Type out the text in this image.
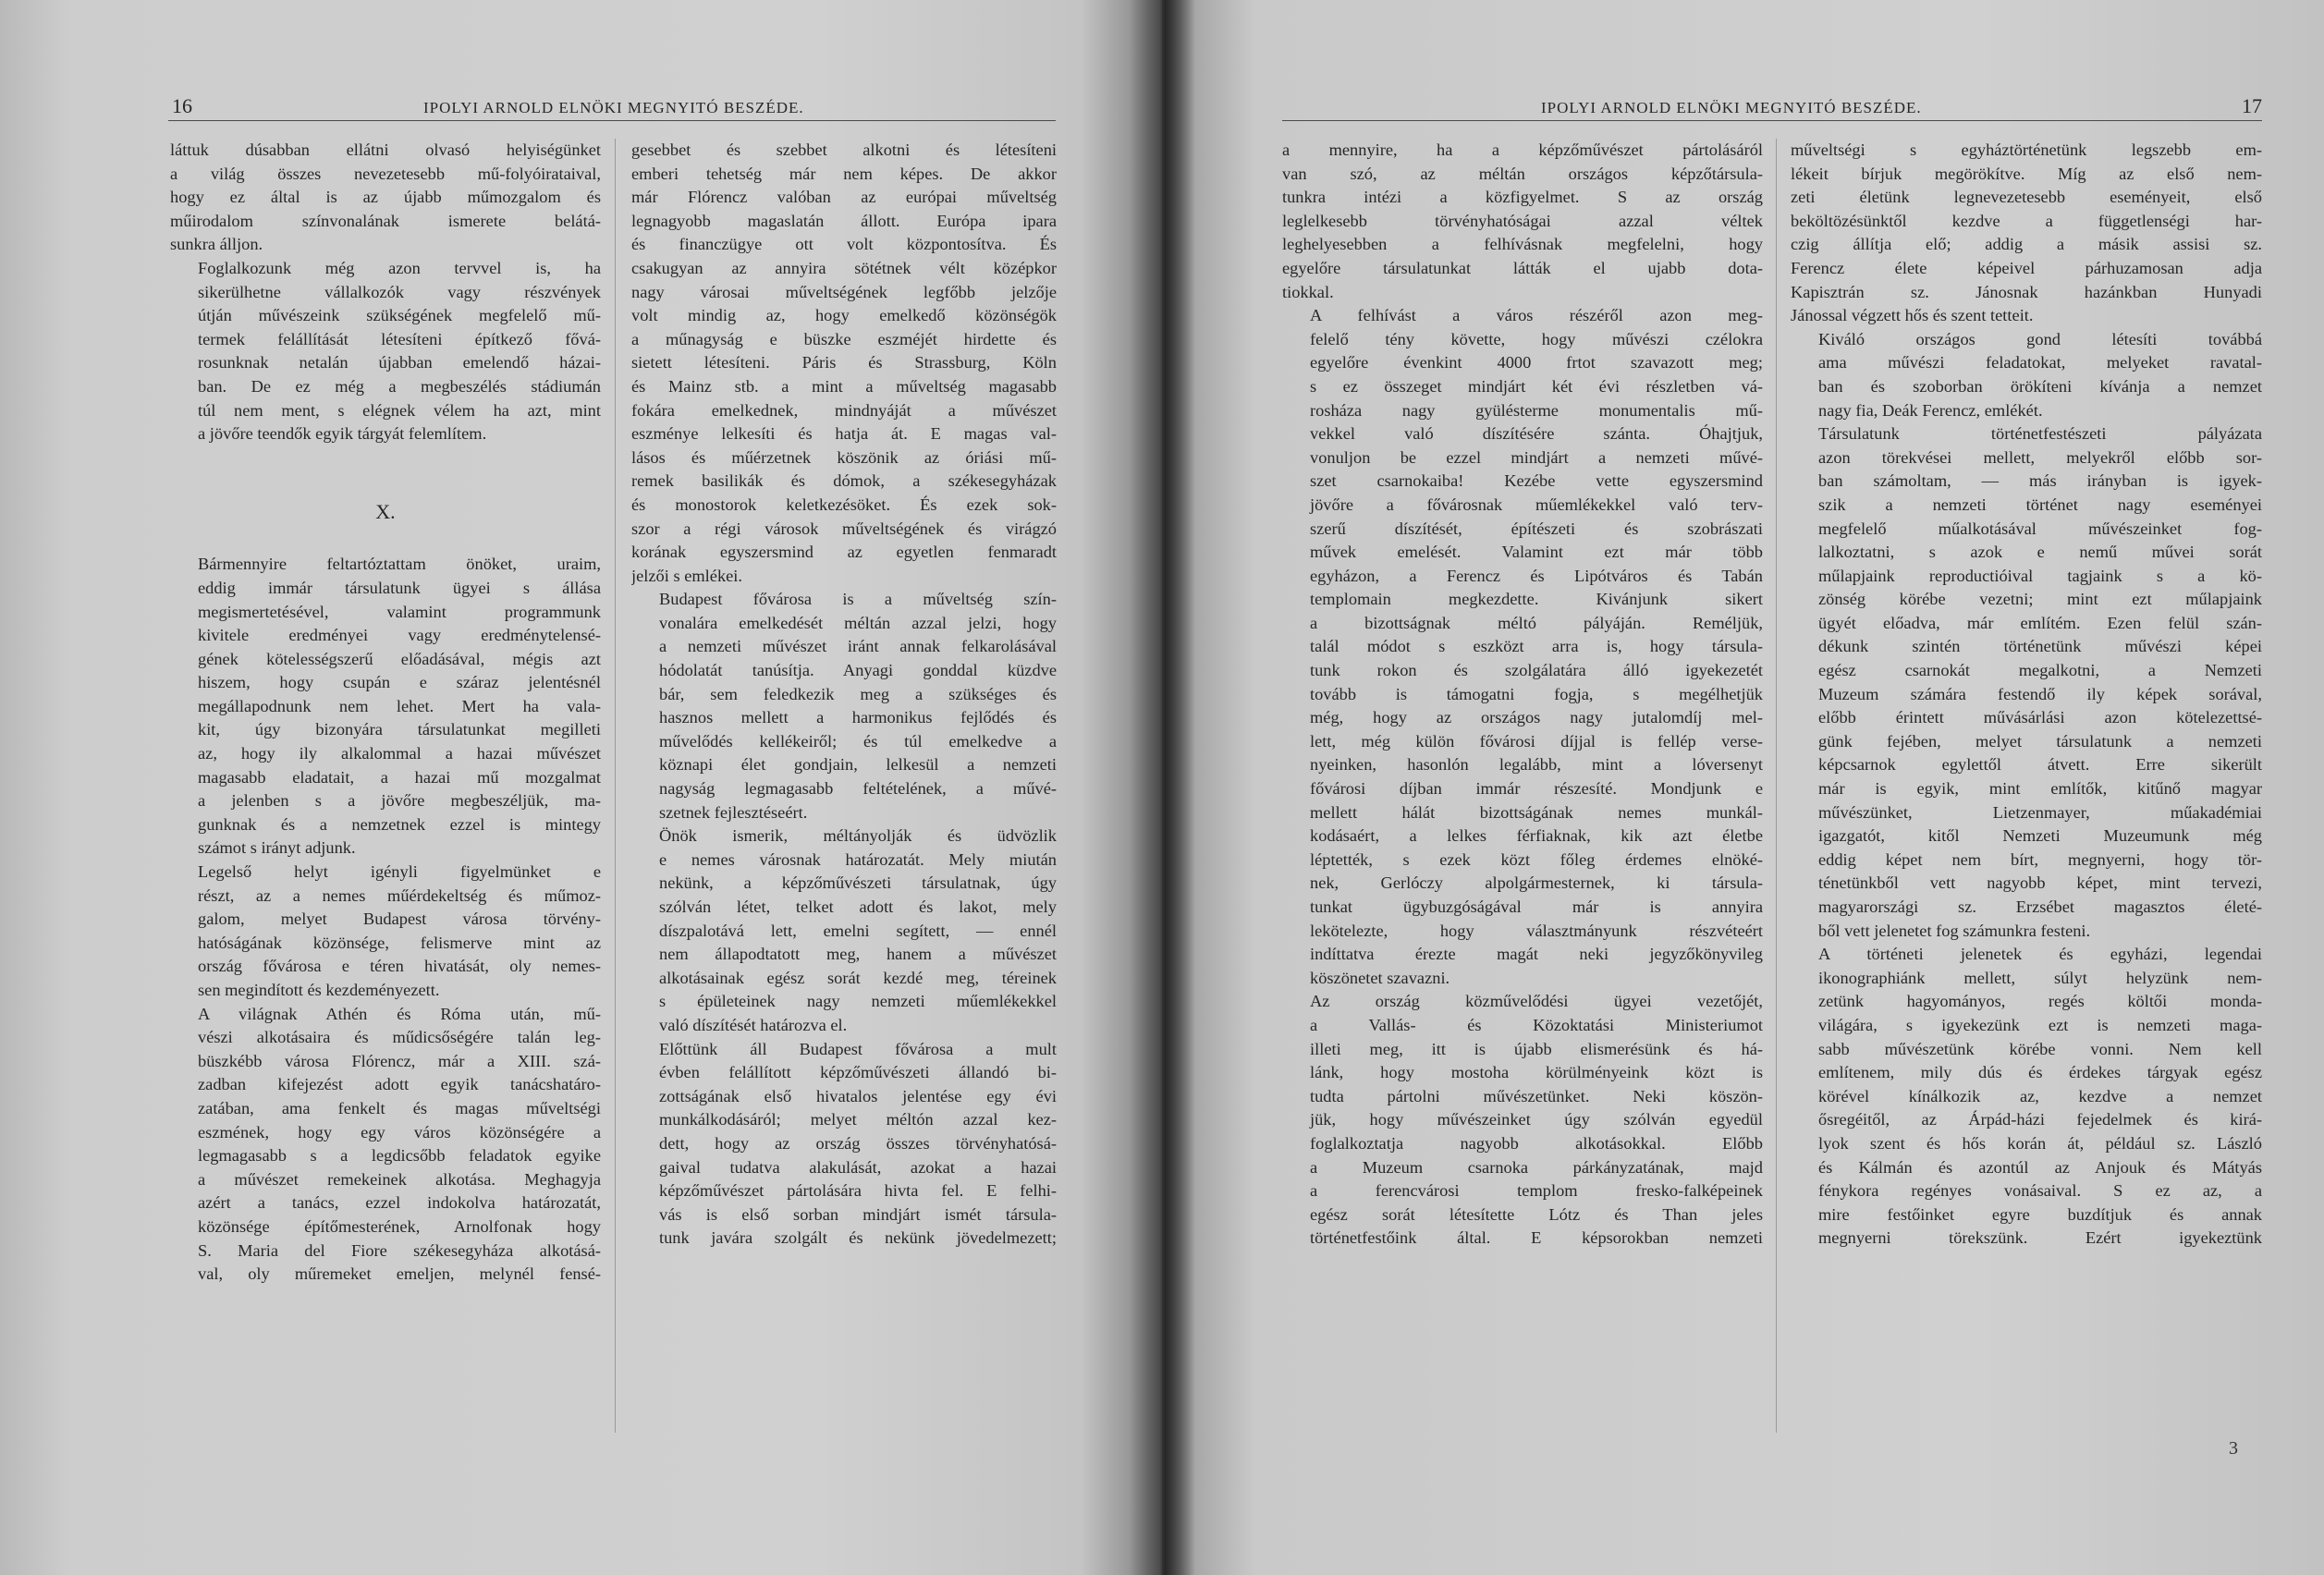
16	IPOLYI ARNOLD ELNÖKI MEGNYITÓ BESZÉDE.

láttuk dúsabban ellátni olvasó helyiségünket
a világ összes nevezetesebb mű-folyóirataival,
hogy ez által is az újabb műmozgalom és
műirodalom színvonalának ismerete belátá-
sunkra álljon.

Foglalkozunk még azon tervvel is, ha
sikerülhetne vállalkozók vagy részvények
útján művészeink szükségének megfelelő mű-
termek felállítását létesíteni építkező fővá-
rosunknak netalán újabban emelendő házai-
ban. De ez még a megbeszélés stádiumán
túl nem ment, s elégnek vélem ha azt, mint
a jövőre teendők egyik tárgyát felemlítem.

X.

Bármennyire feltartóztattam önöket, uraim,
eddig immár társulatunk ügyei s állása
megismertetésével, valamint programmunk
kivitele eredményei vagy eredménytelensé-
gének kötelességszerű előadásával, mégis azt
hiszem, hogy csupán e száraz jelentésnél
megállapodnunk nem lehet. Mert ha vala-
kit, úgy bizonyára társulatunkat megilleti
az, hogy ily alkalommal a hazai művészet
magasabb eladatait, a hazai mű mozgalmat
a jelenben s a jövőre megbeszéljük, ma-
gunknak és a nemzetnek ezzel is mintegy
számot s irányt adjunk.

Legelső helyt igényli figyelmünket e
részt, az a nemes műérdekeltség és műmoz-
galom, melyet Budapest városa törvény-
hatóságának közönsége, felismerve mint az
ország fővárosa e téren hivatását, oly nemes-
sen megindított és kezdeményezett.

A világnak Athén és Róma után, mű-
vészi alkotásaira és műdicsőségére talán leg-
büszkébb városa Flórencz, már a XIII. szá-
zadban kifejezést adott egyik tanácshatáro-
zatában, ama fenkelt és magas műveltségi
eszmének, hogy egy város közönségére a
legmagasabb s a legdicsőbb feladatok egyike
a művészet remekeinek alkotása. Meghagyja
azért a tanács, ezzel indokolva határozatát,
közönsége építőmesterének, Arnolfonak hogy
S. Maria del Fiore székesegyháza alkotásá-
val, oly műremeket emeljen, melynél fensé-

gesebbet és szebbet alkotni és létesíteni
emberi tehetség már nem képes. De akkor
már Flórencz valóban az európai műveltség
legnagyobb magaslatán állott. Európa ipara
és financzügye ott volt központosítva. És
csakugyan az annyira sötétnek vélt középkor
nagy városai műveltségének legfőbb jelzője
volt mindig az, hogy emelkedő közönségök
a műnagyság e büszke eszméjét hirdette és
sietett létesíteni. Páris és Strassburg, Köln
és Mainz stb. a mint a műveltség magasabb
fokára emelkednek, mindnyáját a művészet
eszménye lelkesíti és hatja át. E magas val-
lásos és műérzetnek köszönik az óriási mű-
remek basilikák és dómok, a székesegyházak
és monostorok keletkezésöket. És ezek sok-
szor a régi városok műveltségének és virágzó
korának egyszersmind az egyetlen fenmaradt
jelzői s emlékei.

Budapest fővárosa is a műveltség szín-
vonalára emelkedését méltán azzal jelzi, hogy
a nemzeti művészet iránt annak felkarolásával
hódolatát tanúsítja. Anyagi gonddal küzdve
bár, sem feledkezik meg a szükséges és
hasznos mellett a harmonikus fejlődés és
művelődés kellékeiről; és túl emelkedve a
köznapi élet gondjain, lelkesül a nemzeti
nagyság legmagasabb feltételének, a művé-
szetnek fejlesztéseért.

Önök ismerik, méltányolják és üdvözlik
e nemes városnak határozatát. Mely miután
nekünk, a képzőművészeti társulatnak, úgy
szólván létet, telket adott és lakot, mely
díszpalotává lett, emelni segített, — ennél
nem állapodtatott meg, hanem a művészet
alkotásainak egész sorát kezdé meg, téreinek
s épületeinek nagy nemzeti műemlékekkel
való díszítését határozva el.

Előttünk áll Budapest fővárosa a mult
évben felállított képzőművészeti állandó bi-
zottságának első hivatalos jelentése egy évi
munkálkodásáról; melyet méltón azzal kez-
dett, hogy az ország összes törvényhatósá-
gaival tudatva alakulását, azokat a hazai
képzőművészet pártolására hivta fel. E felhi-
vás is első sorban mindjárt ismét társula-
tunk javára szolgált és nekünk jövedelmezett;

IPOLYI ARNOLD ELNÖKI MEGNYITÓ BESZÉDE.	17

a mennyire, ha a képzőművészet pártolásáról
van szó, az méltán országos képzőtársula-
tunkra intézi a közfigyelmet. S az ország
leglelkesebb törvényhatóságai azzal véltek
leghelyesebben a felhívásnak megfelelni, hogy
egyelőre társulatunkat látták el ujabb dota-
tiokkal.

A felhívást a város részéről azon meg-
felelő tény követte, hogy művészi czélokra
egyelőre évenkint 4000 frtot szavazott meg;
s ez összeget mindjárt két évi részletben vá-
rosháza nagy gyülésterme monumentalis mű-
vekkel való díszítésére szánta. Óhajtjuk,
vonuljon be ezzel mindjárt a nemzeti művé-
szet csarnokaiba! Kezébe vette egyszersmind
jövőre a fővárosnak műemlékekkel való terv-
szerű díszítését, építészeti és szobrászati
művek emelését. Valamint ezt már több
egyházon, a Ferencz és Lipótváros és Tabán
templomain megkezdette. Kivánjunk sikert
a bizottságnak méltó pályáján. Reméljük,
talál módot s eszközt arra is, hogy társula-
tunk rokon és szolgálatára álló igyekezetét
tovább is támogatni fogja, s megélhetjük
még, hogy az országos nagy jutalomdíj mel-
lett, még külön fővárosi díjjal is fellép verse-
nyeinken, hasonlón legalább, mint a lóversenyt
fővárosi díjban immár részesíté. Mondjunk e
mellett hálát bizottságának nemes munkál-
kodásaért, a lelkes férfiaknak, kik azt életbe
léptették, s ezek közt főleg érdemes elnöké-
nek, Gerlóczy alpolgármesternek, ki társula-
tunkat ügybuzgóságával már is annyira
lekötelezte, hogy választmányunk részvéteért
indíttatva érezte magát neki jegyzőkönyvileg
köszönetet szavazni.

Az ország közművelődési ügyei vezetőjét,
a Vallás- és Közoktatási Ministeriumot
illeti meg, itt is újabb elismerésünk és há-
lánk, hogy mostoha körülményeink közt is
tudta pártolni művészetünket. Neki köszön-
jük, hogy művészeinket úgy szólván egyedül
foglalkoztatja nagyobb alkotásokkal. Előbb
a Muzeum csarnoka párkányzatának, majd
a ferencvárosi templom fresko-falképeinek
egész sorát létesítette Lótz és Than jeles
történetfestőink által. E képsorokban nemzeti

műveltségi s egyháztörténetünk legszebb em-
lékeit bírjuk megörökítve. Míg az első nem-
zeti életünk legnevezetesebb eseményeit, első
beköltözésünktől kezdve a függetlenségi har-
czig állítja elő; addig a másik assisi sz.
Ferencz élete képeivel párhuzamosan adja
Kapisztrán sz. Jánosnak hazánkban Hunyadi
Jánossal végzett hős és szent tetteit.

Kiváló országos gond létesíti továbbá
ama művészi feladatokat, melyeket ravatal-
ban és szoborban örökíteni kívánja a nemzet
nagy fia, Deák Ferencz, emlékét.

Társulatunk történetfestészeti pályázata
azon törekvései mellett, melyekről előbb sor-
ban számoltam, — más irányban is igyek-
szik a nemzeti történet nagy eseményei
megfelelő műalkotásával művészeinket fog-
lalkoztatni, s azok e nemű művei sorát
műlapjaink reproductióival tagjaink s a kö-
zönség körébe vezetni; mint ezt műlapjaink
ügyét előadva, már említém. Ezen felül szán-
dékunk szintén történetünk művészi képei
egész csarnokát megalkotni, a Nemzeti
Muzeum számára festendő ily képek sorával,
előbb érintett művásárlási azon kötelezettsé-
günk fejében, melyet társulatunk a nemzeti
képcsarnok egylettől átvett. Erre sikerült
már is egyik, mint említők, kitűnő magyar
művészünket, Lietzenmayer, műakadémiai
igazgatót, kitől Nemzeti Muzeumunk még
eddig képet nem bírt, megnyerni, hogy tör-
ténetünkből vett nagyobb képet, mint tervezi,
magyarországi sz. Erzsébet magasztos életé-
ből vett jelenetet fog számunkra festeni.

A történeti jelenetek és egyházi, legendai
ikonographiánk mellett, súlyt helyzünk nem-
zetünk hagyományos, regés költői monda-
világára, s igyekezünk ezt is nemzeti maga-
sabb művészetünk körébe vonni. Nem kell
említenem, mily dús és érdekes tárgyak egész
körével kínálkozik az, kezdve a nemzet
ősregéitől, az Árpád-házi fejedelmek és kirá-
lyok szent és hős korán át, például sz. László
és Kálmán és azontúl az Anjouk és Mátyás
fénykora regényes vonásaival. S ez az, a
mire festőinket egyre buzdítjuk és annak
megnyerni törekszünk. Ezért igyekeztünk

3
